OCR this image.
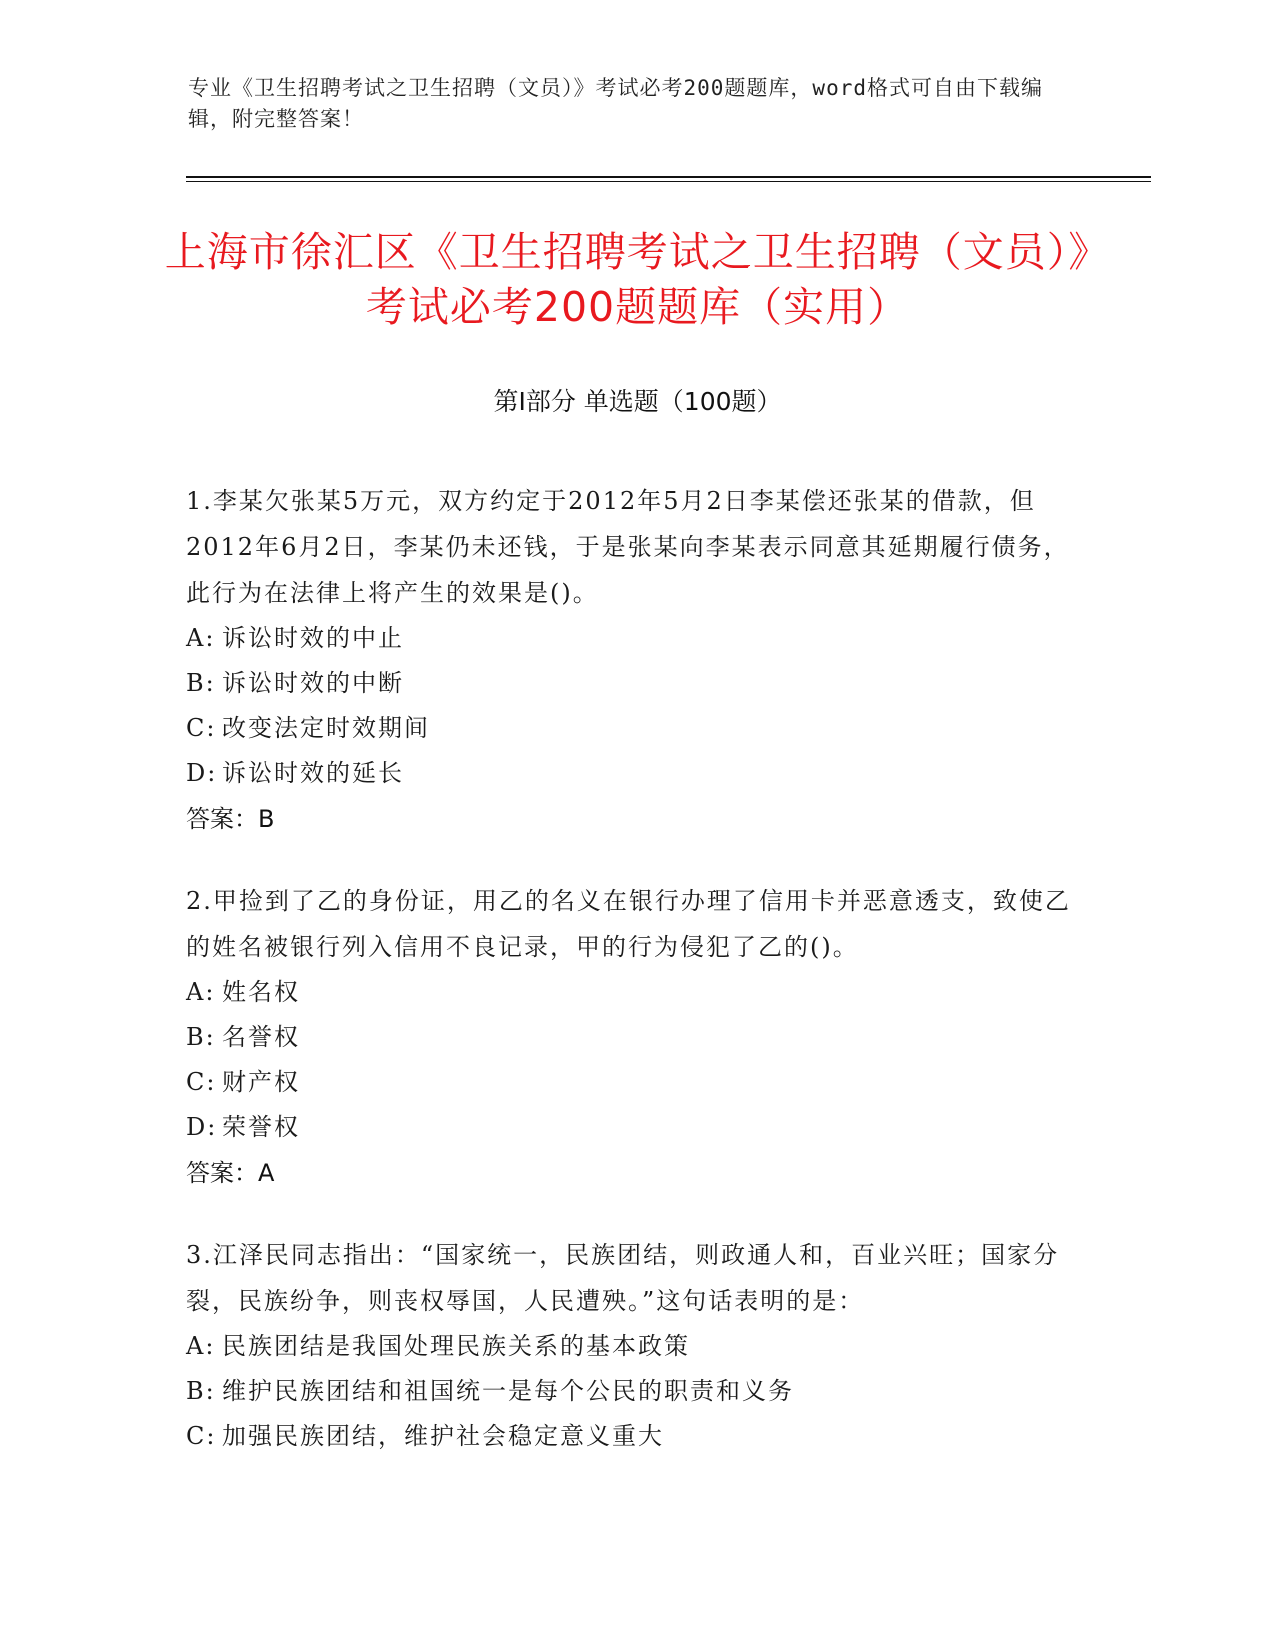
专业《卫生招聘考试之卫生招聘（文员）》考试必考200题题库，word格式可自由下载编辑，附完整答案！
上海市徐汇区《卫生招聘考试之卫生招聘（文员）》考试必考200题题库（实用）
第Ⅰ部分 单选题（100题）
1.李某欠张某5万元，双方约定于2012年5月2日李某偿还张某的借款，但2012年6月2日，李某仍未还钱，于是张某向李某表示同意其延期履行债务，此行为在法律上将产生的效果是()。
A: 诉讼时效的中止
B: 诉讼时效的中断
C: 改变法定时效期间
D: 诉讼时效的延长
答案：B
2.甲捡到了乙的身份证，用乙的名义在银行办理了信用卡并恶意透支，致使乙的姓名被银行列入信用不良记录，甲的行为侵犯了乙的()。
A: 姓名权
B: 名誉权
C: 财产权
D: 荣誉权
答案：A
3.江泽民同志指出：“国家统一，民族团结，则政通人和，百业兴旺；国家分裂，民族纷争，则丧权辱国，人民遭殃。”这句话表明的是：
A: 民族团结是我国处理民族关系的基本政策
B: 维护民族团结和祖国统一是每个公民的职责和义务
C: 加强民族团结，维护社会稳定意义重大
